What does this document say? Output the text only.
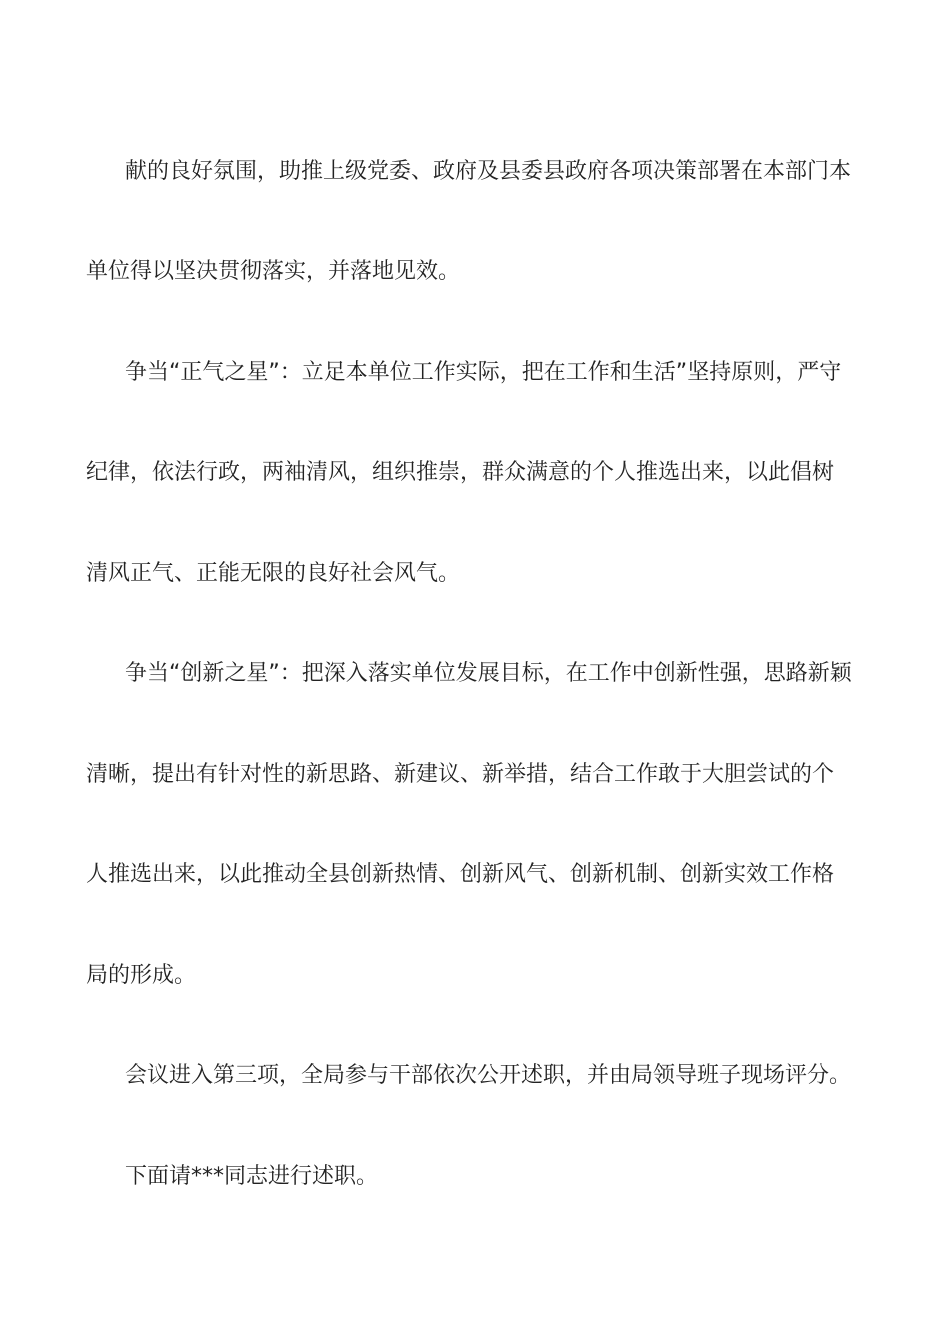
献的良好氛围，助推上级党委、政府及县委县政府各项决策部署在本部门本
单位得以坚决贯彻落实，并落地见效。
争当“正气之星”：立足本单位工作实际，把在工作和生活”坚持原则，严守
纪律，依法行政，两袖清风，组织推崇，群众满意的个人推选出来，以此倡树
清风正气、正能无限的良好社会风气。
争当“创新之星”：把深入落实单位发展目标，在工作中创新性强，思路新颖
清晰，提出有针对性的新思路、新建议、新举措，结合工作敢于大胆尝试的个
人推选出来，以此推动全县创新热情、创新风气、创新机制、创新实效工作格
局的形成。
会议进入第三项，全局参与干部依次公开述职，并由局领导班子现场评分。
下面请***同志进行述职。
